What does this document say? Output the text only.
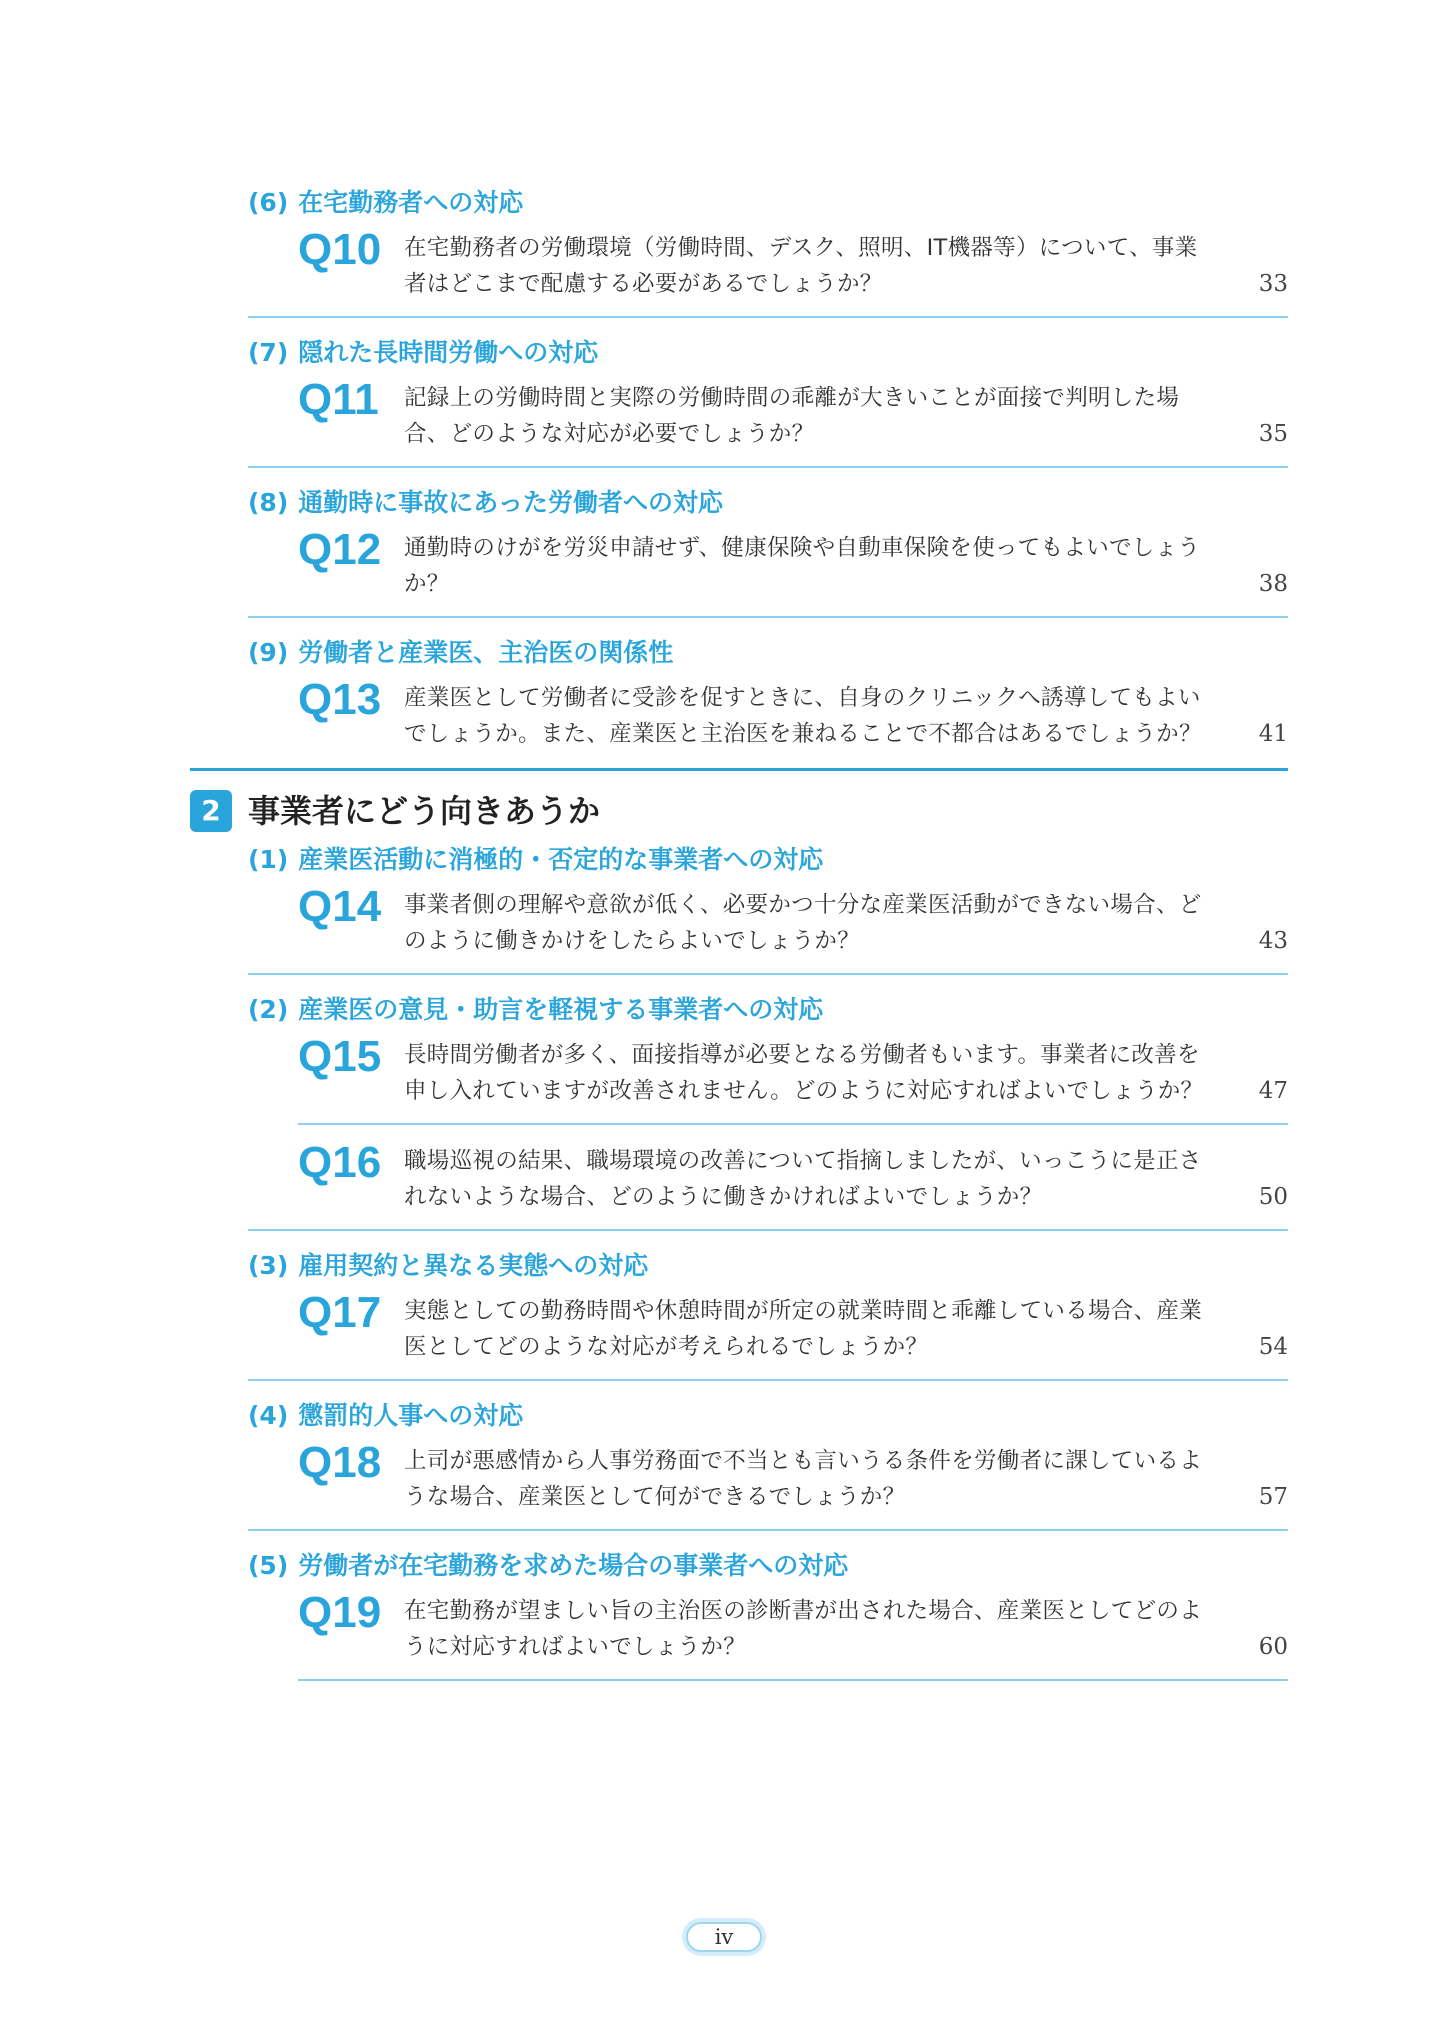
(6) 在宅勤務者への対応
Q10 在宅勤務者の労働環境（労働時間、デスク、照明、IT機器等）について、事業者はどこまで配慮する必要があるでしょうか？	33
(7) 隠れた長時間労働への対応
Q11 記録上の労働時間と実際の労働時間の乖離が大きいことが面接で判明した場合、どのような対応が必要でしょうか？	35
(8) 通勤時に事故にあった労働者への対応
Q12 通勤時のけがを労災申請せず、健康保険や自動車保険を使ってもよいでしょうか？	38
(9) 労働者と産業医、主治医の関係性
Q13 産業医として労働者に受診を促すときに、自身のクリニックへ誘導してもよいでしょうか。また、産業医と主治医を兼ねることで不都合はあるでしょうか？	41
2 事業者にどう向きあうか
(1) 産業医活動に消極的・否定的な事業者への対応
Q14 事業者側の理解や意欲が低く、必要かつ十分な産業医活動ができない場合、どのように働きかけをしたらよいでしょうか？	43
(2) 産業医の意見・助言を軽視する事業者への対応
Q15 長時間労働者が多く、面接指導が必要となる労働者もいます。事業者に改善を申し入れていますが改善されません。どのように対応すればよいでしょうか？	47
Q16 職場巡視の結果、職場環境の改善について指摘しましたが、いっこうに是正されないような場合、どのように働きかければよいでしょうか？	50
(3) 雇用契約と異なる実態への対応
Q17 実態としての勤務時間や休憩時間が所定の就業時間と乖離している場合、産業医としてどのような対応が考えられるでしょうか？	54
(4) 懲罰的人事への対応
Q18 上司が悪感情から人事労務面で不当とも言いうる条件を労働者に課しているような場合、産業医として何ができるでしょうか？	57
(5) 労働者が在宅勤務を求めた場合の事業者への対応
Q19 在宅勤務が望ましい旨の主治医の診断書が出された場合、産業医としてどのように対応すればよいでしょうか？	60
iv
